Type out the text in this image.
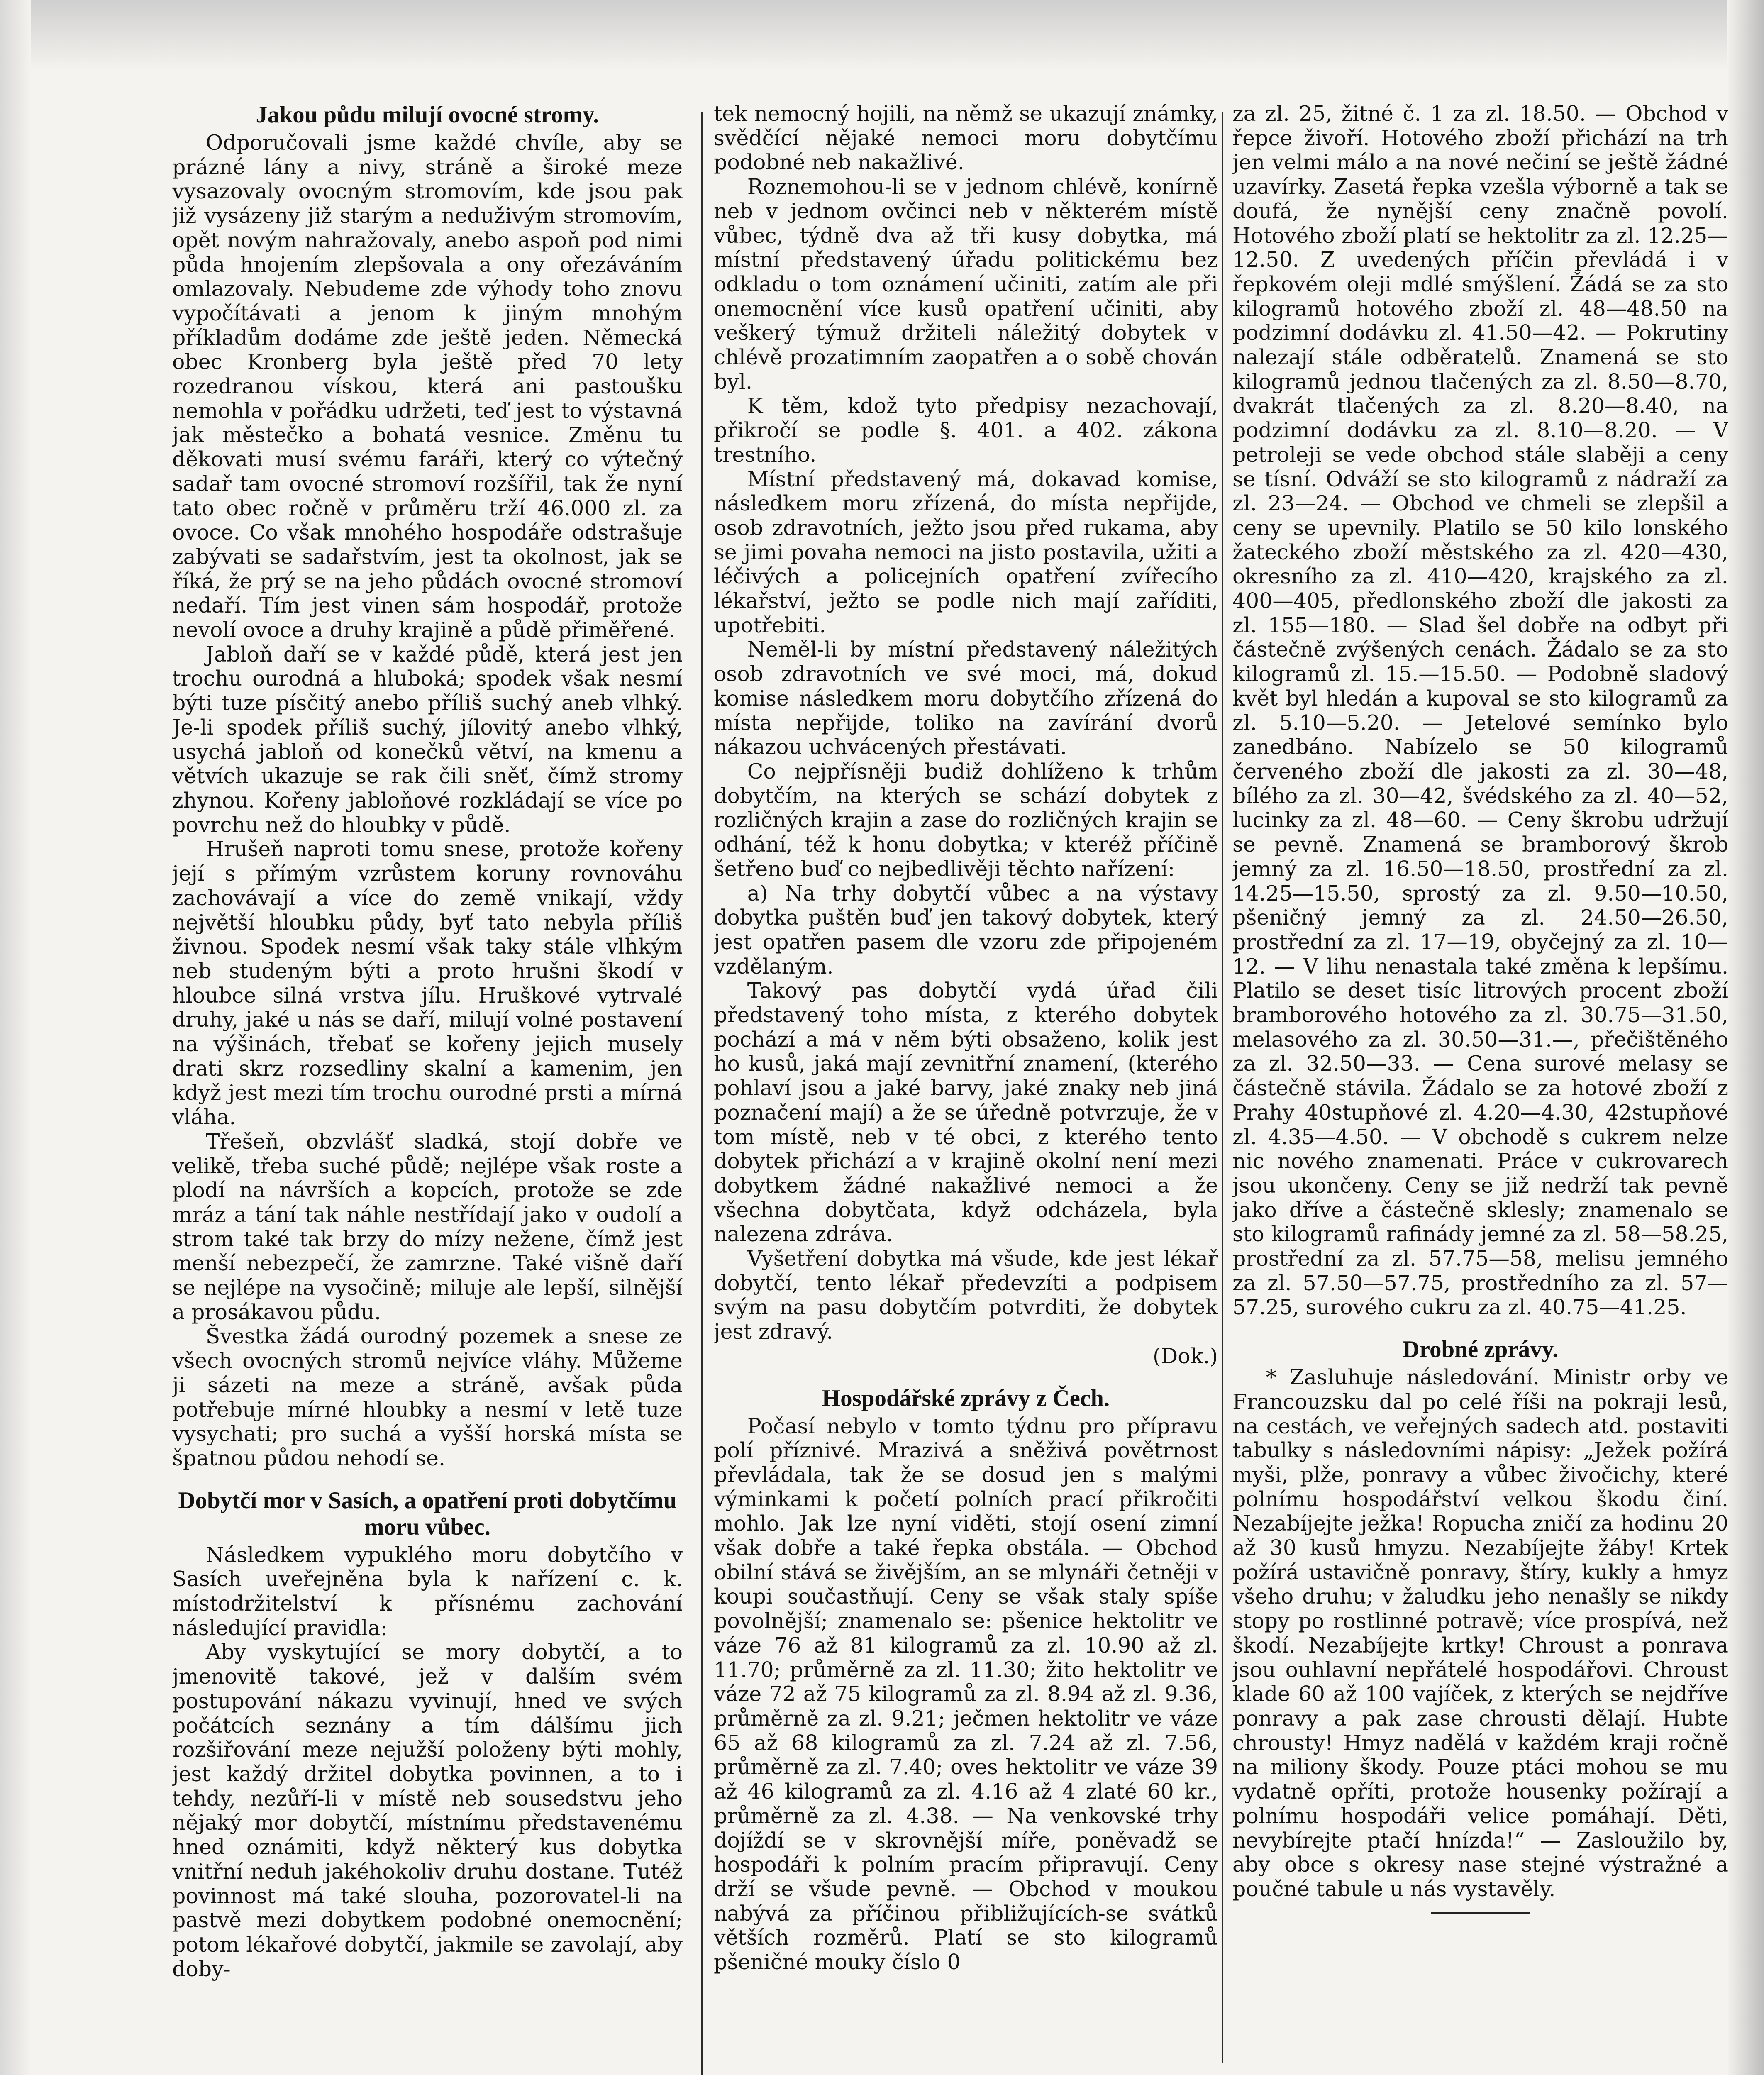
Jakou půdu milují ovocné stromy.

Odporučovali jsme každé chvíle, aby se prázné lány a nivy, stráně a široké meze vysazovaly ovocným stromovím, kde jsou pak již vysázeny již starým a neduživým stromovím, opět novým nahražovaly, anebo aspoň pod nimi půda hnojením zlepšovala a ony ořezáváním omlazovaly. Nebudeme zde výhody toho znovu vypočítávati a jenom k jiným mnohým příkladům dodáme zde ještě jeden. Německá obec Kronberg byla ještě před 70 lety rozedranou vískou, která ani pastoušku nemohla v pořádku udržeti, teď jest to výstavná jak městečko a bohatá vesnice. Změnu tu děkovati musí svému faráři, který co výtečný sadař tam ovocné stromoví rozšířil, tak že nyní tato obec ročně v průměru trží 46.000 zl. za ovoce. Co však mnohého hospodáře odstrašuje zabývati se sadařstvím, jest ta okolnost, jak se říká, že prý se na jeho půdách ovocné stromoví nedaří. Tím jest vinen sám hospodář, protože nevolí ovoce a druhy krajině a půdě přiměřené.

Jabloň daří se v každé půdě, která jest jen trochu ourodná a hluboká; spodek však nesmí býti tuze písčitý anebo příliš suchý aneb vlhký. Je-li spodek příliš suchý, jílovitý anebo vlhký, usychá jabloň od konečků větví, na kmenu a větvích ukazuje se rak čili sněť, čímž stromy zhynou. Kořeny jabloňové rozkládají se více po povrchu než do hloubky v půdě.

Hrušeň naproti tomu snese, protože kořeny její s přímým vzrůstem koruny rovnováhu zachovávají a více do země vnikají, vždy největší hloubku půdy, byť tato nebyla příliš živnou. Spodek nesmí však taky stále vlhkým neb studeným býti a proto hrušni škodí v hloubce silná vrstva jílu. Hruškové vytrvalé druhy, jaké u nás se daří, milují volné postavení na výšinách, třebať se kořeny jejich musely drati skrz rozsedliny skalní a kamenim, jen když jest mezi tím trochu ourodné prsti a mírná vláha.

Třešeň, obzvlášť sladká, stojí dobře ve velikě, třeba suché půdě; nejlépe však roste a plodí na návrších a kopcích, protože se zde mráz a tání tak náhle nestřídají jako v oudolí a strom také tak brzy do mízy nežene, čímž jest menší nebezpečí, že zamrzne. Také višně daří se nejlépe na vysočině; miluje ale lepší, silnější a prosákavou půdu.

Švestka žádá ourodný pozemek a snese ze všech ovocných stromů nejvíce vláhy. Můžeme ji sázeti na meze a stráně, avšak půda potřebuje mírné hloubky a nesmí v letě tuze vysychati; pro suchá a vyšší horská místa se špatnou půdou nehodí se.

Dobytčí mor v Sasích, a opatření proti dobytčímu moru vůbec.

Následkem vypuklého moru dobytčího v Sasích uveřejněna byla k nařízení c. k. místodržitelství k přísnému zachování následující pravidla:

Aby vyskytující se mory dobytčí, a to jmenovitě takové, jež v dalším svém postupování nákazu vyvinují, hned ve svých počátcích seznány a tím dálšímu jich rozšiřování meze nejužší položeny býti mohly, jest každý držitel dobytka povinnen, a to i tehdy, nezůří-li v místě neb sousedstvu jeho nějaký mor dobytčí, místnímu představenému hned oznámiti, když některý kus dobytka vnitřní neduh jakéhokoliv druhu dostane. Tutéž povinnost má také slouha, pozorovatel-li na pastvě mezi dobytkem podobné onemocnění; potom lékařové dobytčí, jakmile se zavolají, aby doby-

tek nemocný hojili, na němž se ukazují známky, svědčící nějaké nemoci moru dobytčímu podobné neb nakažlivé.

Roznemohou-li se v jednom chlévě, konírně neb v jednom ovčinci neb v některém místě vůbec, týdně dva až tři kusy dobytka, má místní představený úřadu politickému bez odkladu o tom oznámení učiniti, zatím ale při onemocnění více kusů opatření učiniti, aby veškerý týmuž držiteli náležitý dobytek v chlévě prozatimním zaopatřen a o sobě chován byl.

K těm, kdož tyto předpisy nezachovají, přikročí se podle §. 401. a 402. zákona trestního.

Místní představený má, dokavad komise, následkem moru zřízená, do místa nepřijde, osob zdravotních, ježto jsou před rukama, aby se jimi povaha nemoci na jisto postavila, užiti a léčivých a policejních opatření zvířecího lékařství, ježto se podle nich mají zaříditi, upotřebiti.

Neměl-li by místní představený náležitých osob zdravotních ve své moci, má, dokud komise následkem moru dobytčího zřízená do místa nepřijde, toliko na zavírání dvorů nákazou uchvácených přestávati.

Co nejpřísněji budiž dohlíženo k trhům dobytčím, na kterých se schází dobytek z rozličných krajin a zase do rozličných krajin se odhání, též k honu dobytka; v kteréž příčině šetřeno buď co nejbedlivěji těchto nařízení:

a) Na trhy dobytčí vůbec a na výstavy dobytka puštěn buď jen takový dobytek, který jest opatřen pasem dle vzoru zde připojeném vzdělaným.

Takový pas dobytčí vydá úřad čili představený toho místa, z kterého dobytek pochází a má v něm býti obsaženo, kolik jest ho kusů, jaká mají zevnitřní znamení, (kterého pohlaví jsou a jaké barvy, jaké znaky neb jiná poznačení mají) a že se úředně potvrzuje, že v tom místě, neb v té obci, z kterého tento dobytek přichází a v krajině okolní není mezi dobytkem žádné nakažlivé nemoci a že všechna dobytčata, když odcházela, byla nalezena zdráva.

Vyšetření dobytka má všude, kde jest lékař dobytčí, tento lékař předevzíti a podpisem svým na pasu dobytčím potvrditi, že dobytek jest zdravý.

(Dok.)
Hospodářské zprávy z Čech.

Počasí nebylo v tomto týdnu pro přípravu polí příznivé. Mrazivá a sněživá povětrnost převládala, tak že se dosud jen s malými výminkami k početí polních prací přikročiti mohlo. Jak lze nyní viděti, stojí osení zimní však dobře a také řepka obstála. — Obchod obilní stává se živějším, an se mlynáři četněji v koupi součastňují. Ceny se však staly spíše povolnější; znamenalo se: pšenice hektolitr ve váze 76 až 81 kilogramů za zl. 10.90 až zl. 11.70; průměrně za zl. 11.30; žito hektolitr ve váze 72 až 75 kilogramů za zl. 8.94 až zl. 9.36, průměrně za zl. 9.21; ječmen hektolitr ve váze 65 až 68 kilogramů za zl. 7.24 až zl. 7.56, průměrně za zl. 7.40; oves hektolitr ve váze 39 až 46 kilogramů za zl. 4.16 až 4 zlaté 60 kr., průměrně za zl. 4.38. — Na venkovské trhy dojíždí se v skrovnější míře, poněvadž se hospodáři k polním pracím připravují. Ceny drží se všude pevně. — Obchod v moukou nabývá za příčinou přibližujících-se svátků větších rozměrů. Platí se sto kilogramů pšeničné mouky číslo 0

za zl. 25, žitné č. 1 za zl. 18.50. — Obchod v řepce živoří. Hotového zboží přichází na trh jen velmi málo a na nové nečiní se ještě žádné uzavírky. Zasetá řepka vzešla výborně a tak se doufá, že nynější ceny značně povolí. Hotového zboží platí se hektolitr za zl. 12.25—12.50. Z uvedených příčin převládá i v řepkovém oleji mdlé smýšlení. Žádá se za sto kilogramů hotového zboží zl. 48—48.50 na podzimní dodávku zl. 41.50—42. — Pokrutiny nalezají stále odběratelů. Znamená se sto kilogramů jednou tlačených za zl. 8.50—8.70, dvakrát tlačených za zl. 8.20—8.40, na podzimní dodávku za zl. 8.10—8.20. — V petroleji se vede obchod stále slaběji a ceny se tísní. Odváží se sto kilogramů z nádraží za zl. 23—24. — Obchod ve chmeli se zlepšil a ceny se upevnily. Platilo se 50 kilo lonského žateckého zboží městského za zl. 420—430, okresního za zl. 410—420, krajského za zl. 400—405, předlonského zboží dle jakosti za zl. 155—180. — Slad šel dobře na odbyt při částečně zvýšených cenách. Žádalo se za sto kilogramů zl. 15.—15.50. — Podobně sladový květ byl hledán a kupoval se sto kilogramů za zl. 5.10—5.20. — Jetelové semínko bylo zanedbáno. Nabízelo se 50 kilogramů červeného zboží dle jakosti za zl. 30—48, bílého za zl. 30—42, švédského za zl. 40—52, lucinky za zl. 48—60. — Ceny škrobu udržují se pevně. Znamená se bramborový škrob jemný za zl. 16.50—18.50, prostřední za zl. 14.25—15.50, sprostý za zl. 9.50—10.50, pšeničný jemný za zl. 24.50—26.50, prostřední za zl. 17—19, obyčejný za zl. 10—12. — V lihu nenastala také změna k lepšímu. Platilo se deset tisíc litrových procent zboží bramborového hotového za zl. 30.75—31.50, melasového za zl. 30.50—31.—, přečištěného za zl. 32.50—33. — Cena surové melasy se částečně stávila. Žádalo se za hotové zboží z Prahy 40stupňové zl. 4.20—4.30, 42stupňové zl. 4.35—4.50. — V obchodě s cukrem nelze nic nového znamenati. Práce v cukrovarech jsou ukončeny. Ceny se již nedrží tak pevně jako dříve a částečně sklesly; znamenalo se sto kilogramů rafinády jemné za zl. 58—58.25, prostřední za zl. 57.75—58, melisu jemného za zl. 57.50—57.75, prostředního za zl. 57—57.25, surového cukru za zl. 40.75—41.25.

Drobné zprávy.

* Zasluhuje následování. Ministr orby ve Francouzsku dal po celé říši na pokraji lesů, na cestách, ve veřejných sadech atd. postaviti tabulky s následovními nápisy: „Ježek požírá myši, plže, ponravy a vůbec živočichy, které polnímu hospodářství velkou škodu činí. Nezabíjejte ježka! Ropucha zničí za hodinu 20 až 30 kusů hmyzu. Nezabíjejte žáby! Krtek požírá ustavičně ponravy, štíry, kukly a hmyz všeho druhu; v žaludku jeho nenašly se nikdy stopy po rostlinné potravě; více prospívá, než škodí. Nezabíjejte krtky! Chroust a ponrava jsou ouhlavní nepřátelé hospodářovi. Chroust klade 60 až 100 vajíček, z kterých se nejdříve ponravy a pak zase chrousti dělají. Hubte chrousty! Hmyz nadělá v každém kraji ročně na miliony škody. Pouze ptáci mohou se mu vydatně opříti, protože housenky požírají a polnímu hospodáři velice pomáhají. Děti, nevybírejte ptačí hnízda!“ — Zasloužilo by, aby obce s okresy nase stejné výstražné a poučné tabule u nás vystavěly.
